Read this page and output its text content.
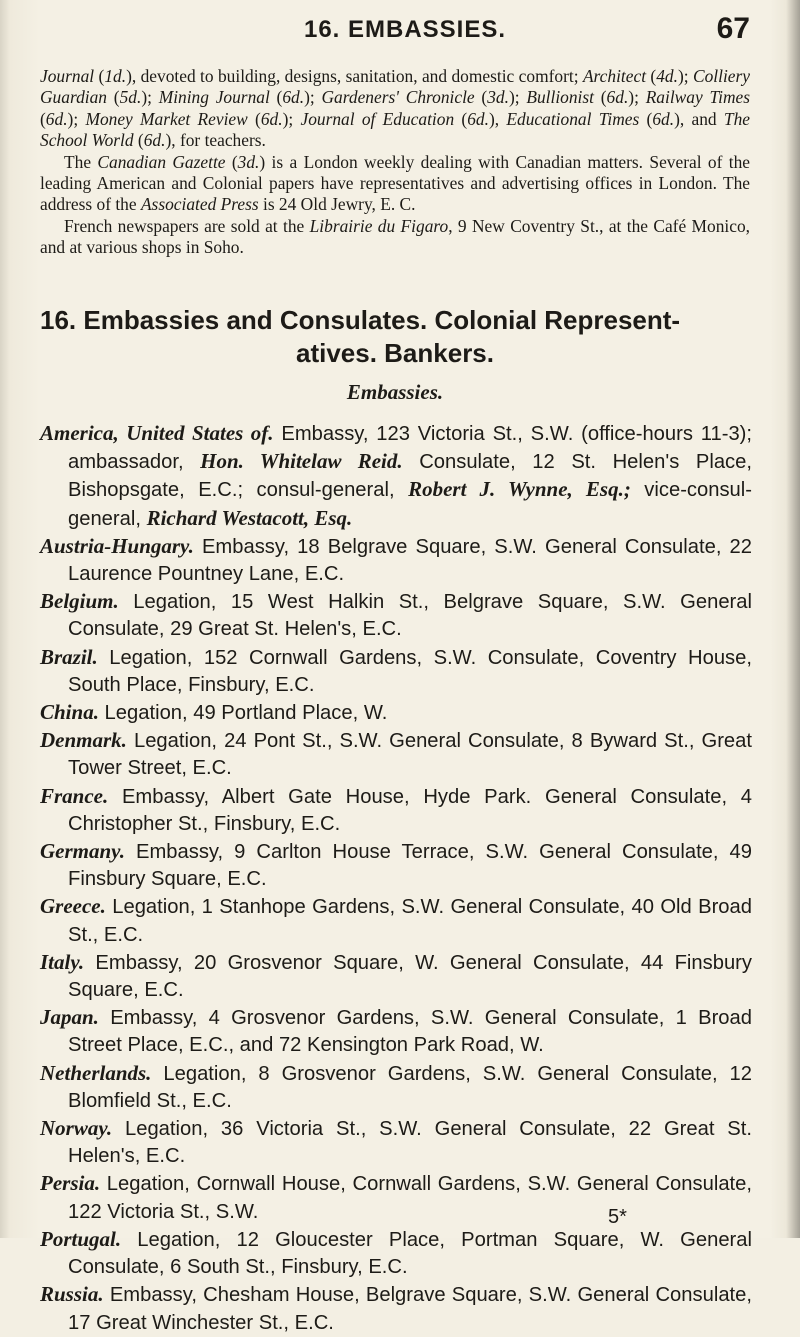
16. EMBASSIES.	67

Journal (1d.), devoted to building, designs, sanitation, and domestic comfort; Architect (4d.); Colliery Guardian (5d.); Mining Journal (6d.); Gardeners' Chronicle (3d.); Bullionist (6d.); Railway Times (6d.); Money Market Review (6d.); Journal of Education (6d.), Educational Times (6d.), and The School World (6d.), for teachers.

The Canadian Gazette (3d.) is a London weekly dealing with Canadian matters. Several of the leading American and Colonial papers have representatives and advertising offices in London. The address of the Associated Press is 24 Old Jewry, E. C.

French newspapers are sold at the Librairie du Figaro, 9 New Coventry St., at the Café Monico, and at various shops in Soho.

16. Embassies and Consulates. Colonial Represent-
atives. Bankers.
Embassies.

America, United States of. Embassy, 123 Victoria St., S.W. (office-hours 11-3); ambassador, Hon. Whitelaw Reid. Consulate, 12 St. Helen's Place, Bishopsgate, E.C.; consul-general, Robert J. Wynne, Esq.; vice-consul-general, Richard Westacott, Esq.

Austria-Hungary. Embassy, 18 Belgrave Square, S.W. General Consulate, 22 Laurence Pountney Lane, E.C.

Belgium. Legation, 15 West Halkin St., Belgrave Square, S.W. General Consulate, 29 Great St. Helen's, E.C.

Brazil. Legation, 152 Cornwall Gardens, S.W. Consulate, Coventry House, South Place, Finsbury, E.C.

China. Legation, 49 Portland Place, W.

Denmark. Legation, 24 Pont St., S.W. General Consulate, 8 Byward St., Great Tower Street, E.C.

France. Embassy, Albert Gate House, Hyde Park. General Consulate, 4 Christopher St., Finsbury, E.C.

Germany. Embassy, 9 Carlton House Terrace, S.W. General Consulate, 49 Finsbury Square, E.C.

Greece. Legation, 1 Stanhope Gardens, S.W. General Consulate, 40 Old Broad St., E.C.

Italy. Embassy, 20 Grosvenor Square, W. General Consulate, 44 Finsbury Square, E.C.

Japan. Embassy, 4 Grosvenor Gardens, S.W. General Consulate, 1 Broad Street Place, E.C., and 72 Kensington Park Road, W.

Netherlands. Legation, 8 Grosvenor Gardens, S.W. General Consulate, 12 Blomfield St., E.C.

Norway. Legation, 36 Victoria St., S.W. General Consulate, 22 Great St. Helen's, E.C.

Persia. Legation, Cornwall House, Cornwall Gardens, S.W. General Consulate, 122 Victoria St., S.W.

Portugal. Legation, 12 Gloucester Place, Portman Square, W. General Consulate, 6 South St., Finsbury, E.C.

Russia. Embassy, Chesham House, Belgrave Square, S.W. General Consulate, 17 Great Winchester St., E.C.

5*
